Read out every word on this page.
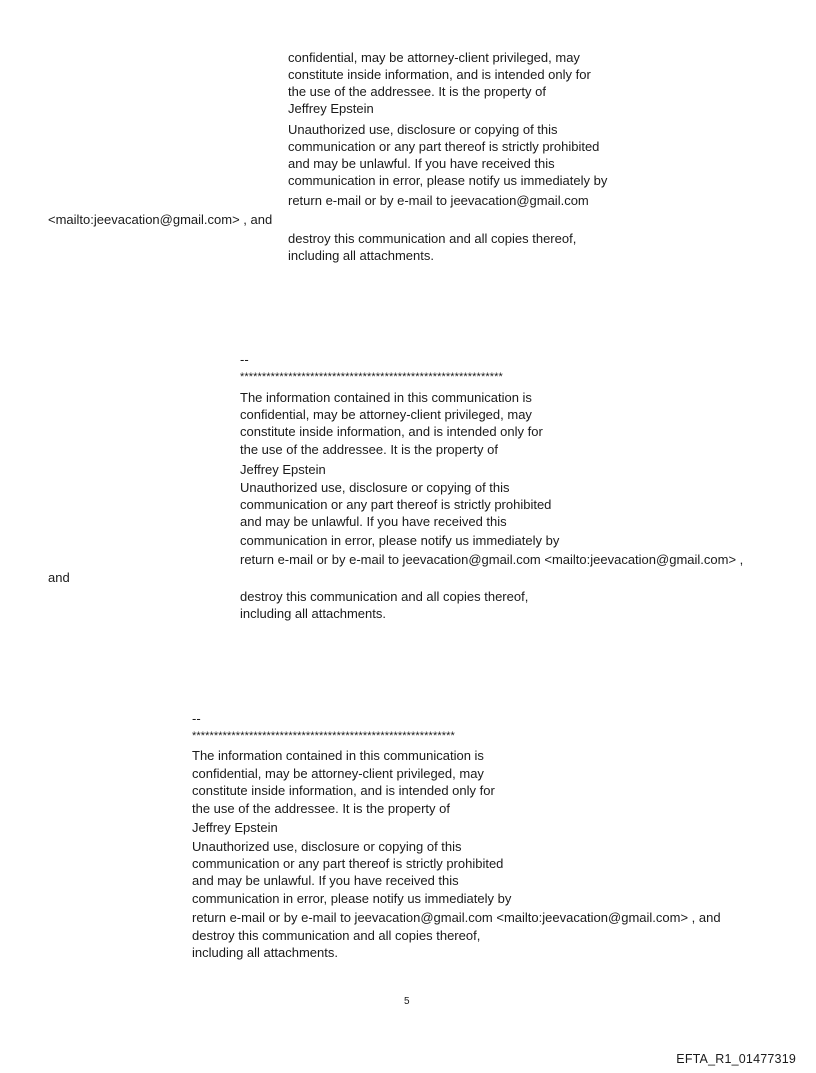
confidential, may be attorney-client privileged, may
constitute inside information, and is intended only for
the use of the addressee. It is the property of
Jeffrey Epstein
Unauthorized use, disclosure or copying of this
communication or any part thereof is strictly prohibited
and may be unlawful. If you have received this
communication in error, please notify us immediately by
return e-mail or by e-mail to jeevacation@gmail.com
<mailto:jeevacation@gmail.com> , and
destroy this communication and all copies thereof,
including all attachments.
--
************************************************************
The information contained in this communication is
confidential, may be attorney-client privileged, may
constitute inside information, and is intended only for
the use of the addressee. It is the property of
Jeffrey Epstein
Unauthorized use, disclosure or copying of this
communication or any part thereof is strictly prohibited
and may be unlawful. If you have received this
communication in error, please notify us immediately by
return e-mail or by e-mail to jeevacation@gmail.com <mailto:jeevacation@gmail.com> ,
and
destroy this communication and all copies thereof,
including all attachments.
--
************************************************************
The information contained in this communication is
confidential, may be attorney-client privileged, may
constitute inside information, and is intended only for
the use of the addressee. It is the property of
Jeffrey Epstein
Unauthorized use, disclosure or copying of this
communication or any part thereof is strictly prohibited
and may be unlawful. If you have received this
communication in error, please notify us immediately by
return e-mail or by e-mail to jeevacation@gmail.com <mailto:jeevacation@gmail.com> , and
destroy this communication and all copies thereof,
including all attachments.
5
EFTA_R1_01477319
